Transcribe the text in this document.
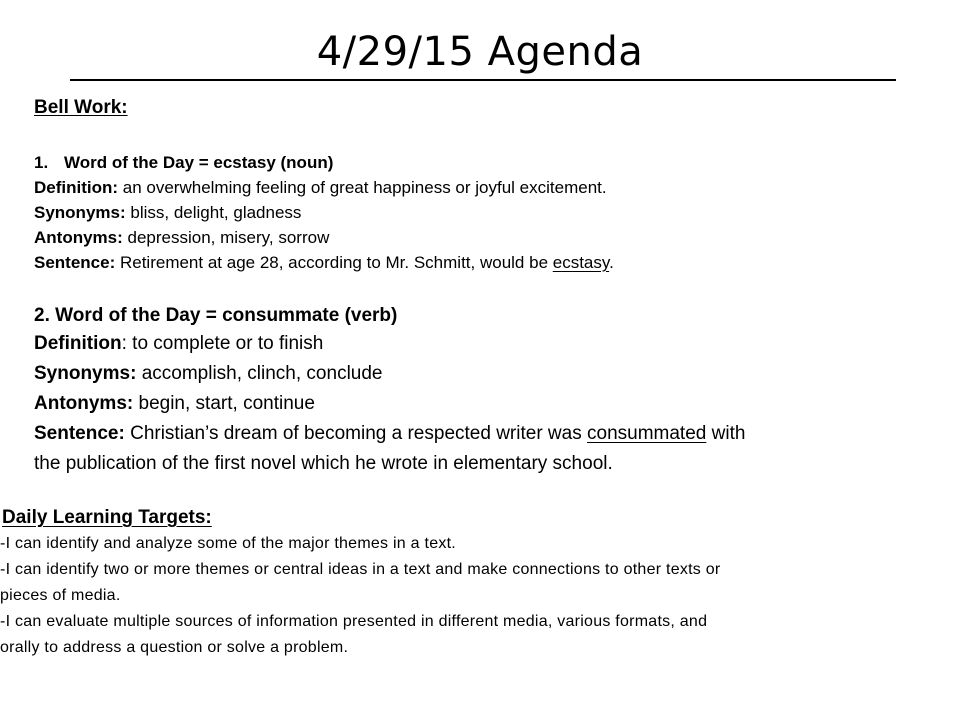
4/29/15 Agenda
Bell Work:
1. Word of the Day = ecstasy (noun)
Definition: an overwhelming feeling of great happiness or joyful excitement.
Synonyms: bliss, delight, gladness
Antonyms: depression, misery, sorrow
Sentence: Retirement at age 28, according to Mr. Schmitt, would be ecstasy.
2. Word of the Day = consummate (verb)
Definition: to complete or to finish
Synonyms: accomplish, clinch, conclude
Antonyms: begin, start, continue
Sentence: Christian’s dream of becoming a respected writer was consummated with
the publication of the first novel which he wrote in elementary school.
Daily Learning Targets:
-I can identify and analyze some of the major themes in a text.
-I can identify two or more themes or central ideas in a text and make connections to other texts or
pieces of media.
-I can evaluate multiple sources of information presented in different media, various formats, and
orally to address a question or solve a problem.
